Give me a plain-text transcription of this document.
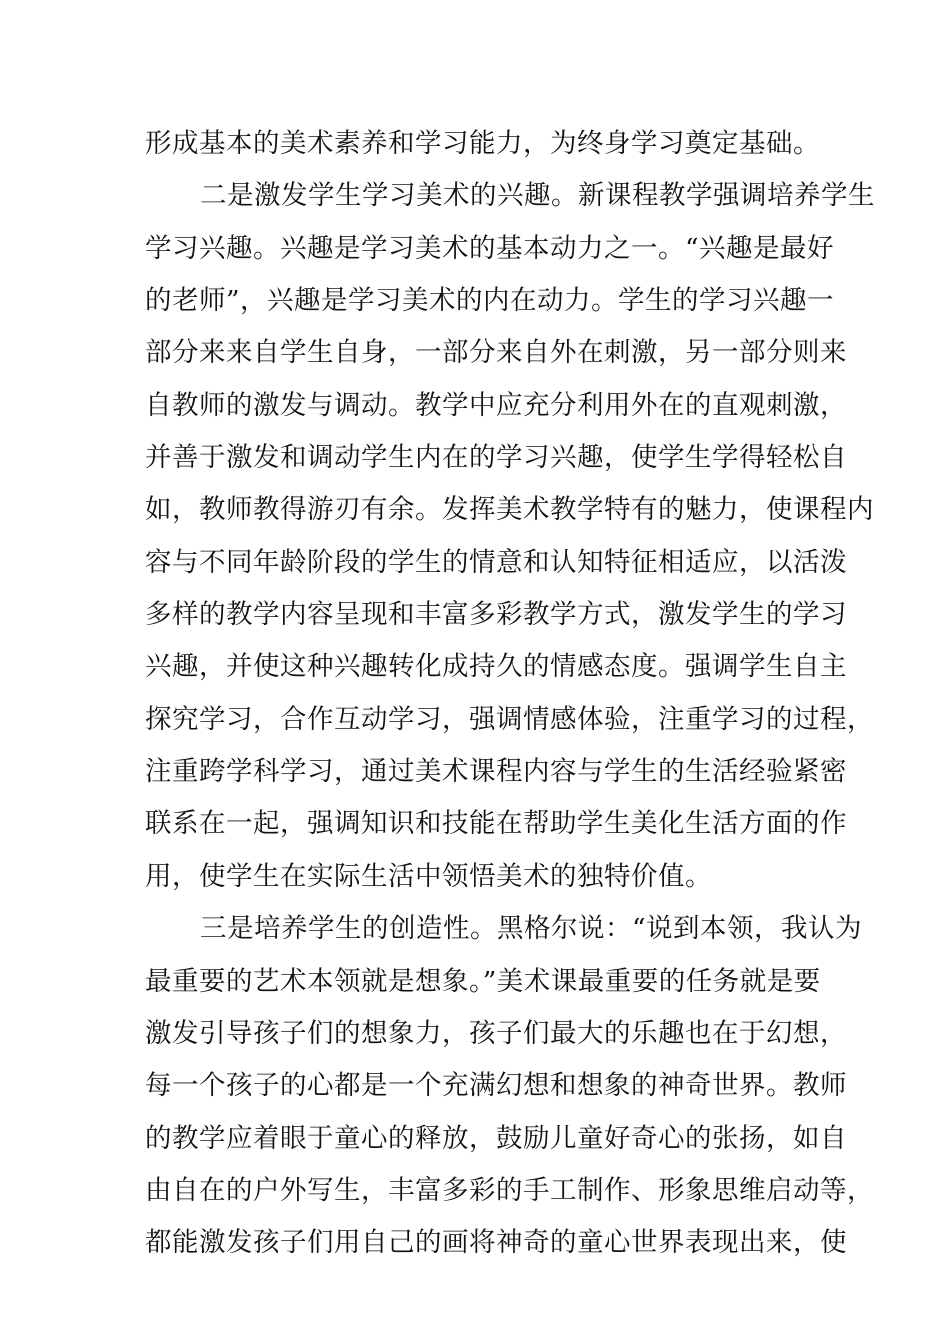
形成基本的美术素养和学习能力，为终身学习奠定基础。
二是激发学生学习美术的兴趣。新课程教学强调培养学生
学习兴趣。兴趣是学习美术的基本动力之一。“兴趣是最好
的老师”，兴趣是学习美术的内在动力。学生的学习兴趣一
部分来来自学生自身，一部分来自外在刺激，另一部分则来
自教师的激发与调动。教学中应充分利用外在的直观刺激，
并善于激发和调动学生内在的学习兴趣，使学生学得轻松自
如，教师教得游刃有余。发挥美术教学特有的魅力，使课程内
容与不同年龄阶段的学生的情意和认知特征相适应，以活泼
多样的教学内容呈现和丰富多彩教学方式，激发学生的学习
兴趣，并使这种兴趣转化成持久的情感态度。强调学生自主
探究学习，合作互动学习，强调情感体验，注重学习的过程，
注重跨学科学习，通过美术课程内容与学生的生活经验紧密
联系在一起，强调知识和技能在帮助学生美化生活方面的作
用，使学生在实际生活中领悟美术的独特价值。
三是培养学生的创造性。黑格尔说：“说到本领，我认为
最重要的艺术本领就是想象。”美术课最重要的任务就是要
激发引导孩子们的想象力，孩子们最大的乐趣也在于幻想，
每一个孩子的心都是一个充满幻想和想象的神奇世界。教师
的教学应着眼于童心的释放，鼓励儿童好奇心的张扬，如自
由自在的户外写生，丰富多彩的手工制作、形象思维启动等，
都能激发孩子们用自己的画将神奇的童心世界表现出来，使
